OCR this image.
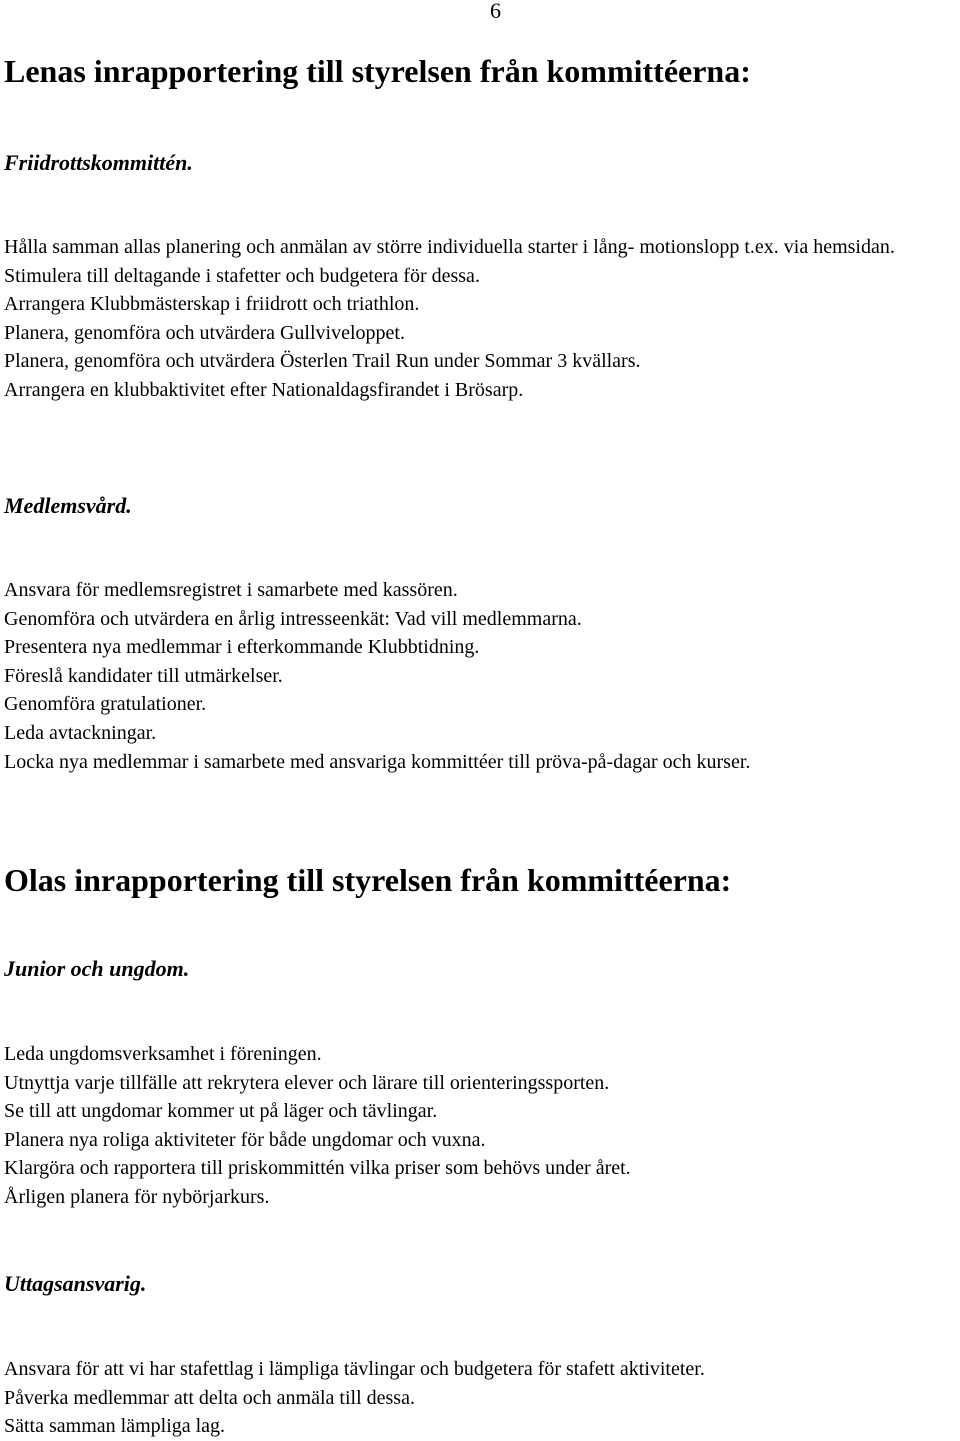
6
Lenas inrapportering till styrelsen från kommittéerna:
Friidrottskommittén.
Hålla samman allas planering och anmälan av större individuella starter i lång- motionslopp t.ex. via hemsidan.
Stimulera till deltagande i stafetter och budgetera för dessa.
Arrangera Klubbmästerskap i friidrott och triathlon.
Planera, genomföra och utvärdera Gullviveloppet.
Planera, genomföra och utvärdera Österlen Trail Run under Sommar 3 kvällars.
Arrangera en klubbaktivitet efter Nationaldagsfirandet i Brösarp.
Medlemsvård.
Ansvara för medlemsregistret i samarbete med kassören.
Genomföra och utvärdera en årlig intresseenkät: Vad vill medlemmarna.
Presentera nya medlemmar i efterkommande Klubbtidning.
Föreslå kandidater till utmärkelser.
Genomföra gratulationer.
Leda avtackningar.
Locka nya medlemmar i samarbete med ansvariga kommittéer till pröva-på-dagar och kurser.
Olas inrapportering till styrelsen från kommittéerna:
Junior och ungdom.
Leda ungdomsverksamhet i föreningen.
Utnyttja varje tillfälle att rekrytera elever och lärare till orienteringssporten.
Se till att ungdomar kommer ut på läger och tävlingar.
Planera nya roliga aktiviteter för både ungdomar och vuxna.
Klargöra och rapportera till priskommittén vilka priser som behövs under året.
Årligen planera för nybörjarkurs.
Uttagsansvarig.
Ansvara för att vi har stafettlag i lämpliga tävlingar och budgetera för stafett aktiviteter.
Påverka medlemmar att delta och anmäla till dessa.
Sätta samman lämpliga lag.
